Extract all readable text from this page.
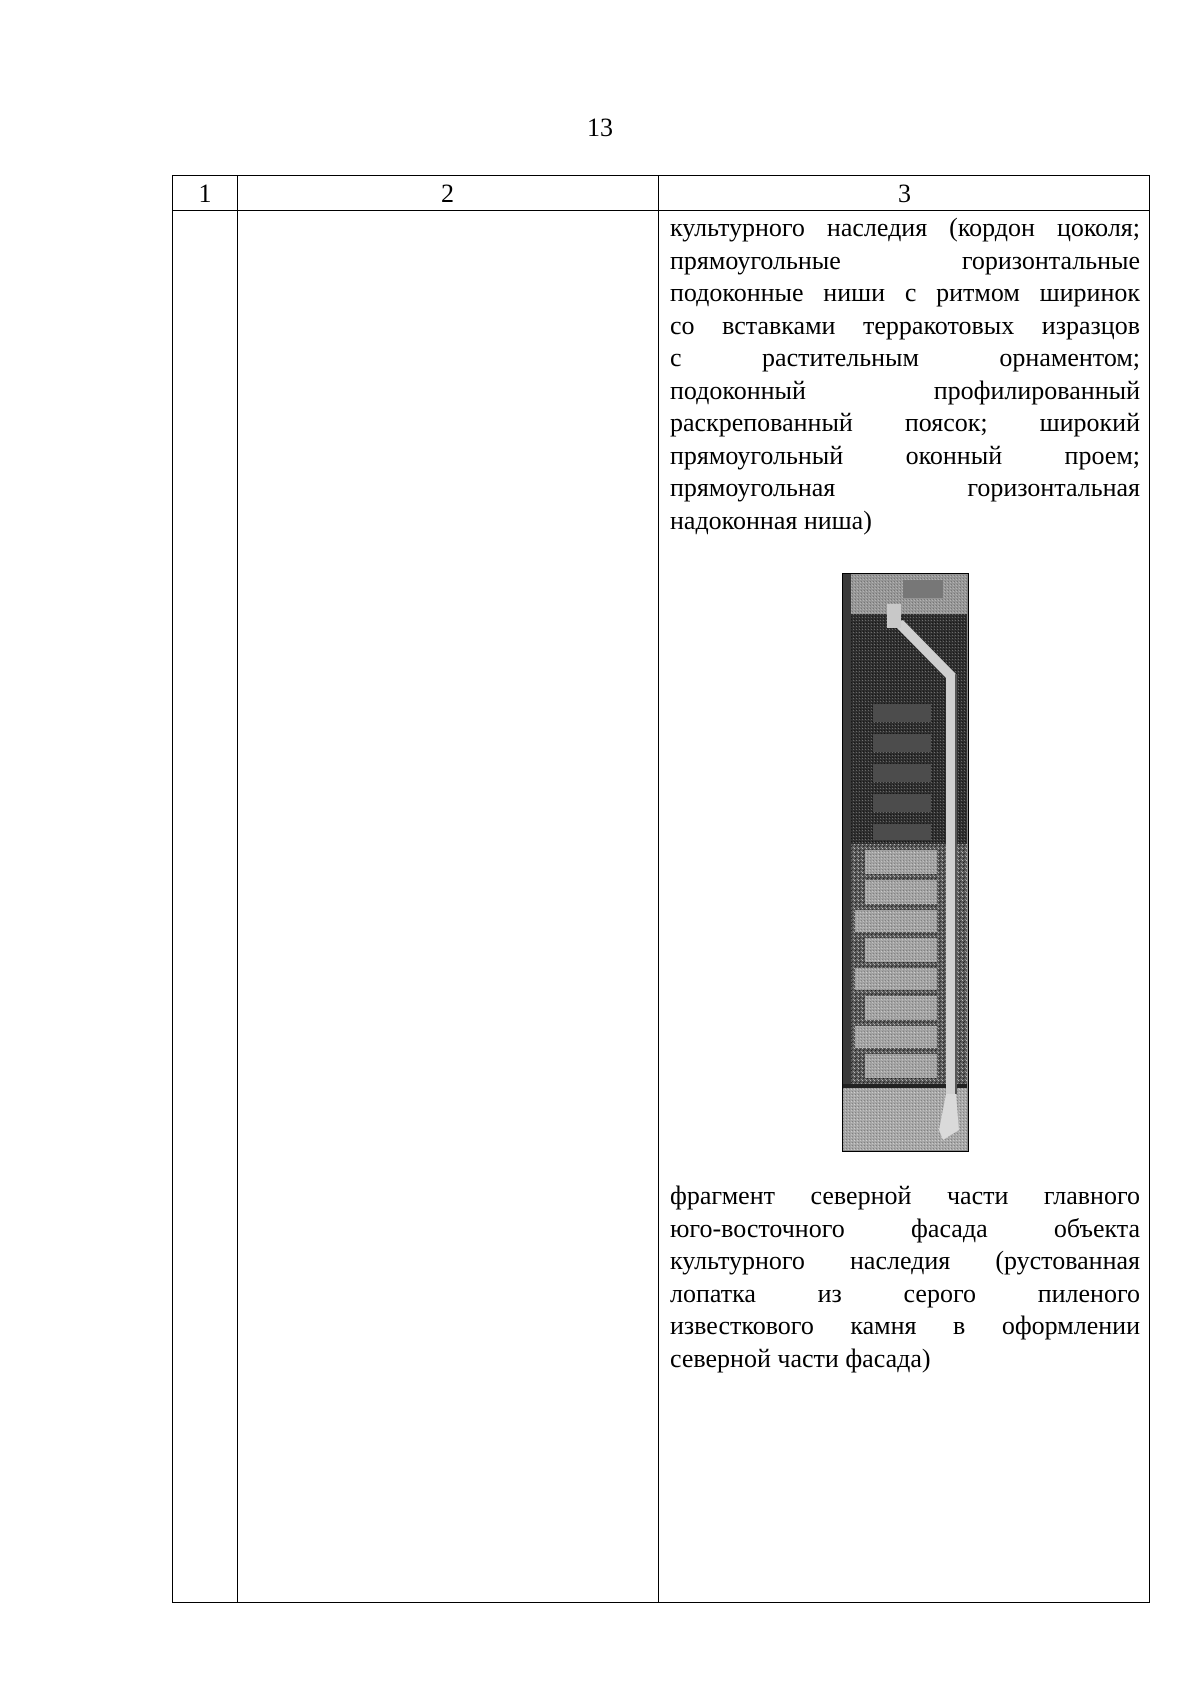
13
1	2	3
культурного наследия (кордон цоколя;
прямоугольные горизонтальные
подоконные ниши с ритмом ширинок
со вставками терракотовых изразцов
с растительным орнаментом;
подоконный профилированный
раскрепованный поясок; широкий
прямоугольный оконный проем;
прямоугольная горизонтальная
надоконная ниша)
фрагмент северной части главного
юго-восточного фасада объекта
культурного наследия (рустованная
лопатка из серого пиленого
известкового камня в оформлении
северной части фасада)
